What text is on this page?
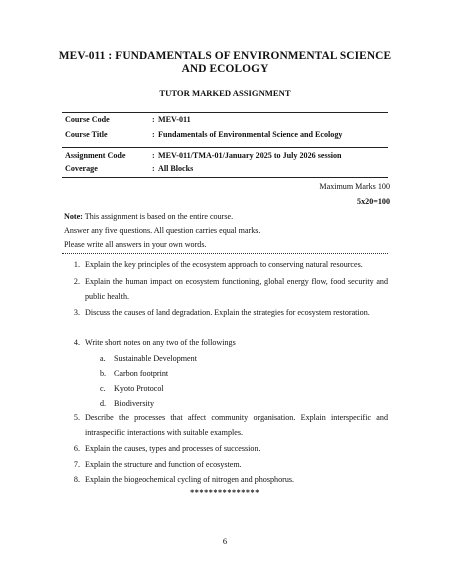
MEV-011 : FUNDAMENTALS OF ENVIRONMENTAL SCIENCE
AND ECOLOGY
TUTOR MARKED ASSIGNMENT
Course Code	: MEV-011
Course Title	: Fundamentals of Environmental Science and Ecology
Assignment Code	: MEV-011/TMA-01/January 2025 to July 2026 session
Coverage	: All Blocks
Maximum Marks 100
5x20=100
Note: This assignment is based on the entire course.
Answer any five questions. All question carries equal marks.
Please write all answers in your own words.
1. Explain the key principles of the ecosystem approach to conserving natural resources.
2. Explain the human impact on ecosystem functioning, global energy flow, food security and public health.
3. Discuss the causes of land degradation. Explain the strategies for ecosystem restoration.
4. Write short notes on any two of the followings
a. Sustainable Development
b. Carbon footprint
c. Kyoto Protocol
d. Biodiversity
5. Describe the processes that affect community organisation. Explain interspecific and intraspecific interactions with suitable examples.
6. Explain the causes, types and processes of succession.
7. Explain the structure and function of ecosystem.
8. Explain the biogeochemical cycling of nitrogen and phosphorus.
***************
6
